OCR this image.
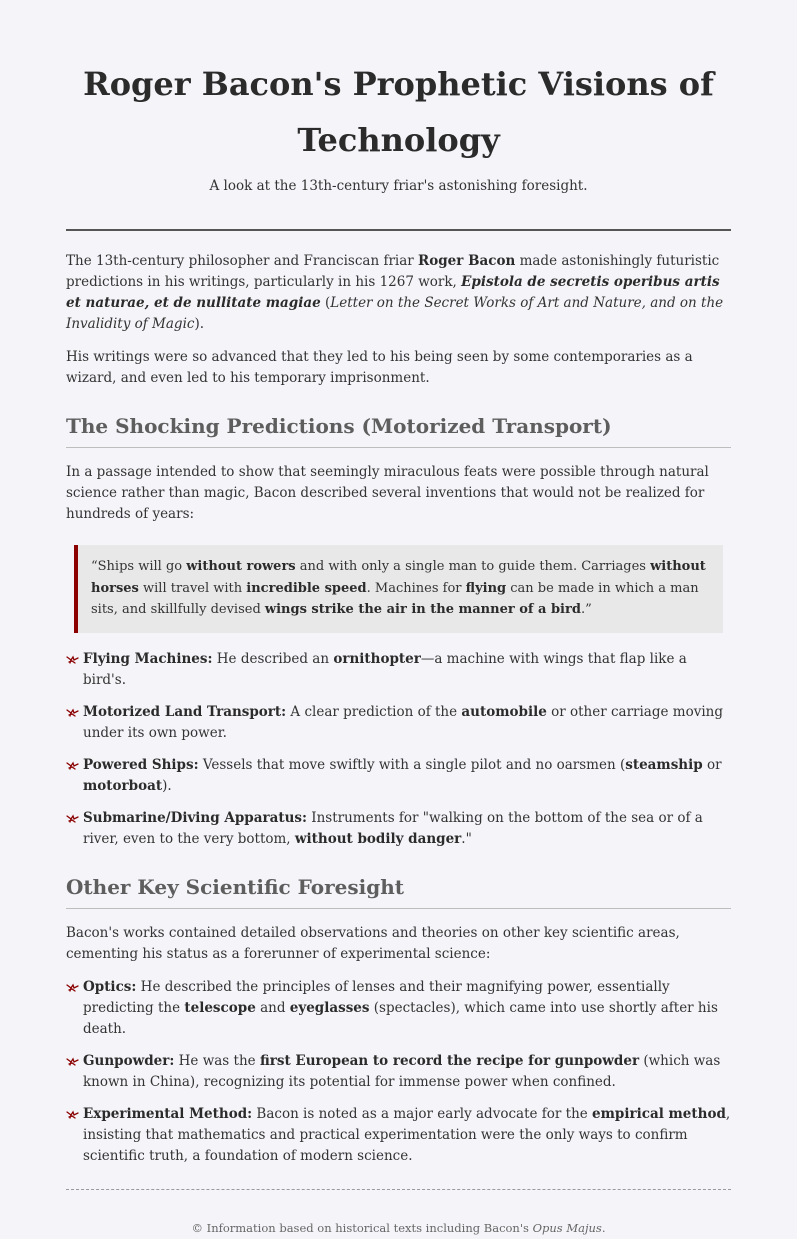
Roger Bacon's Prophetic Visions of Technology

A look at the 13th-century friar's astonishing foresight.

The 13th-century philosopher and Franciscan friar Roger Bacon made astonishingly futuristic predictions in his writings, particularly in his 1267 work, Epistola de secretis operibus artis et naturae, et de nullitate magiae (Letter on the Secret Works of Art and Nature, and on the Invalidity of Magic).

His writings were so advanced that they led to his being seen by some contemporaries as a wizard, and even led to his temporary imprisonment.

The Shocking Predictions (Motorized Transport)

In a passage intended to show that seemingly miraculous feats were possible through natural science rather than magic, Bacon described several inventions that would not be realized for hundreds of years:

“Ships will go without rowers and with only a single man to guide them. Carriages without horses will travel with incredible speed. Machines for flying can be made in which a man sits, and skillfully devised wings strike the air in the manner of a bird.”
Flying Machines: He described an ornithopter—a machine with wings that flap like a bird's.
Motorized Land Transport: A clear prediction of the automobile or other carriage moving under its own power.
Powered Ships: Vessels that move swiftly with a single pilot and no oarsmen (steamship or motorboat).
Submarine/Diving Apparatus: Instruments for "walking on the bottom of the sea or of a river, even to the very bottom, without bodily danger."
Other Key Scientific Foresight

Bacon's works contained detailed observations and theories on other key scientific areas, cementing his status as a forerunner of experimental science:

Optics: He described the principles of lenses and their magnifying power, essentially predicting the telescope and eyeglasses (spectacles), which came into use shortly after his death.
Gunpowder: He was the first European to record the recipe for gunpowder (which was known in China), recognizing its potential for immense power when confined.
Experimental Method: Bacon is noted as a major early advocate for the empirical method, insisting that mathematics and practical experimentation were the only ways to confirm scientific truth, a foundation of modern science.
© Information based on historical texts including Bacon's Opus Majus.
